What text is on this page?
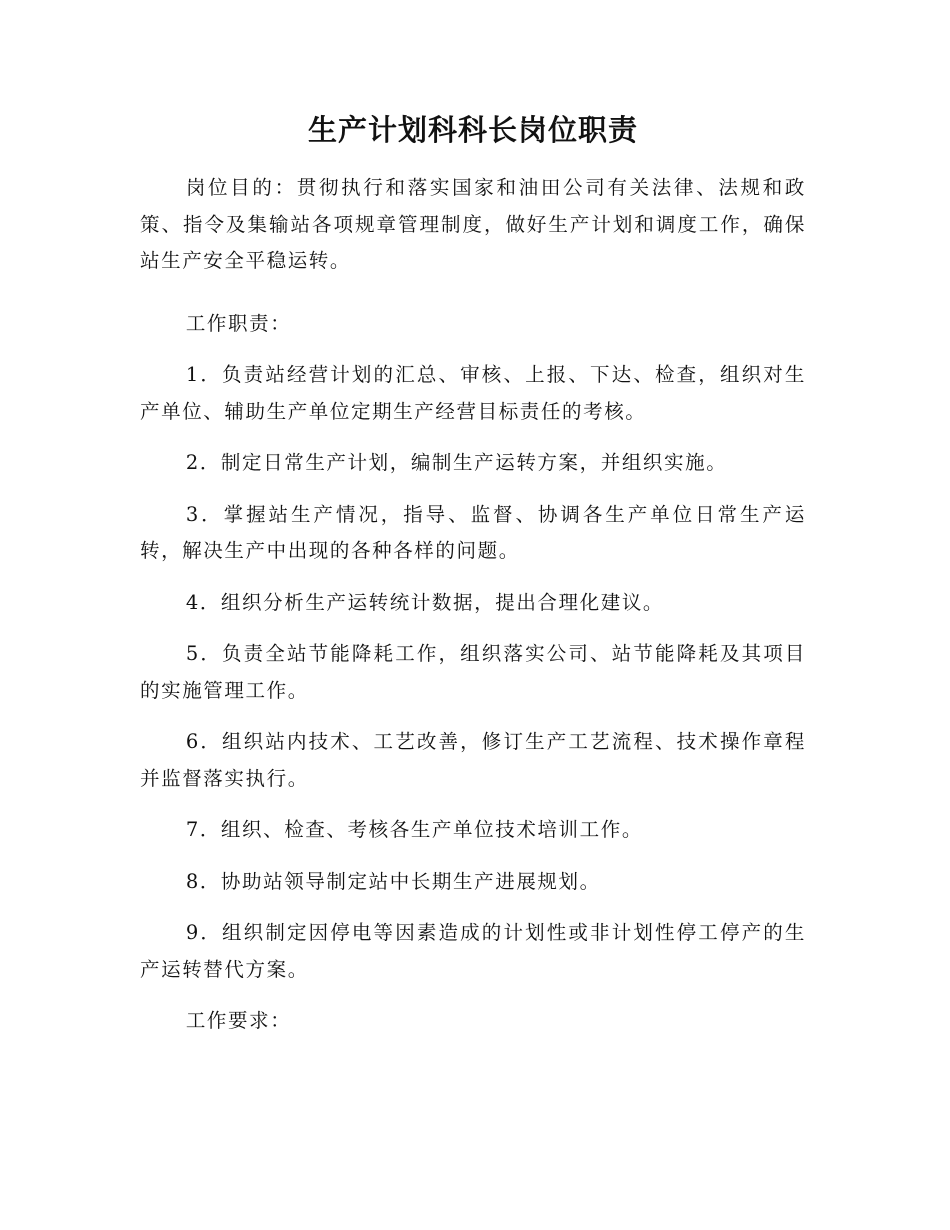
生产计划科科长岗位职责

岗位目的：贯彻执行和落实国家和油田公司有关法律、法规和政策、指令及集输站各项规章管理制度，做好生产计划和调度工作，确保站生产安全平稳运转。

工作职责：

1．负责站经营计划的汇总、审核、上报、下达、检查，组织对生产单位、辅助生产单位定期生产经营目标责任的考核。

2．制定日常生产计划，编制生产运转方案，并组织实施。

3．掌握站生产情况，指导、监督、协调各生产单位日常生产运转，解决生产中出现的各种各样的问题。

4．组织分析生产运转统计数据，提出合理化建议。

5．负责全站节能降耗工作，组织落实公司、站节能降耗及其项目的实施管理工作。

6．组织站内技术、工艺改善，修订生产工艺流程、技术操作章程并监督落实执行。

7．组织、检查、考核各生产单位技术培训工作。

8．协助站领导制定站中长期生产进展规划。

9．组织制定因停电等因素造成的计划性或非计划性停工停产的生产运转替代方案。

工作要求：
